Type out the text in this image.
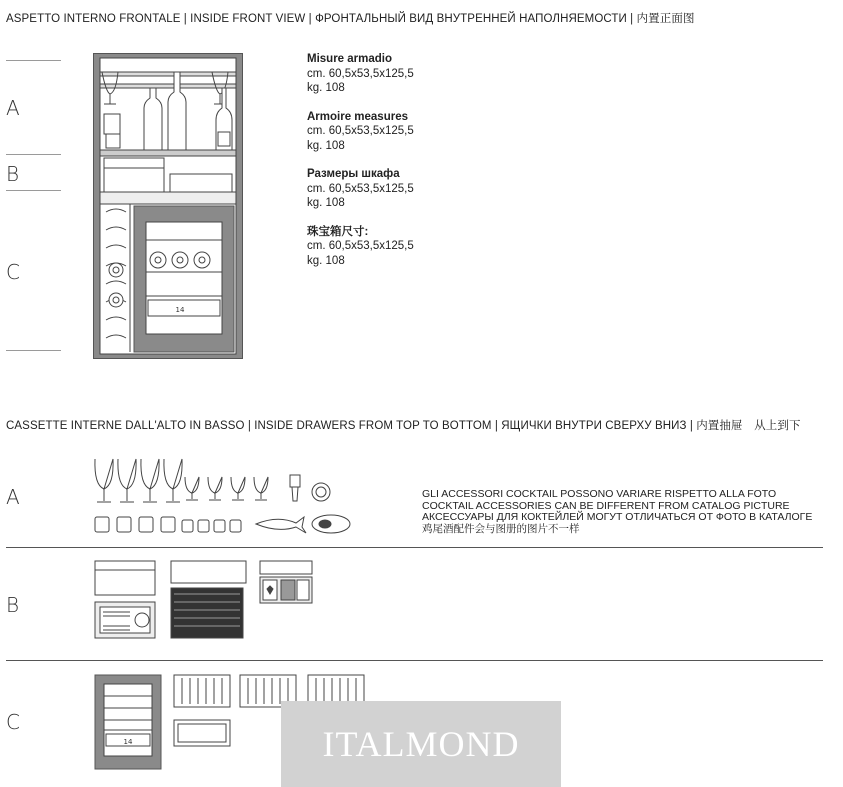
ASPETTO INTERNO FRONTALE | INSIDE FRONT VIEW | ФРОНТАЛЬНЫЙ ВИД ВНУТРЕННЕЙ НАПОЛНЯЕМОСТИ | 内置正面图
A
B
C
14
Misure armadio
cm. 60,5x53,5x125,5
kg. 108
Armoire measures
cm. 60,5x53,5x125,5
kg. 108
Размеры шкафа
cm. 60,5x53,5x125,5
kg. 108
珠宝箱尺寸:
cm. 60,5x53,5x125,5
kg. 108
CASSETTE INTERNE DALL'ALTO IN BASSO | INSIDE DRAWERS FROM TOP TO BOTTOM | ЯЩИЧКИ ВНУТРИ СВЕРХУ ВНИЗ | 内置抽屉　从上到下
A
B
C
GLI ACCESSORI COCKTAIL POSSONO VARIARE RISPETTO ALLA FOTO
COCKTAIL ACCESSORIES CAN BE DIFFERENT FROM CATALOG PICTURE
АКСЕССУАРЫ ДЛЯ КОКТЕЙЛЕЙ МОГУТ ОТЛИЧАТЬСЯ ОТ ФОТО В КАТАЛОГЕ
鸡尾酒配件会与图册的图片不一样
14	ITALMOND
